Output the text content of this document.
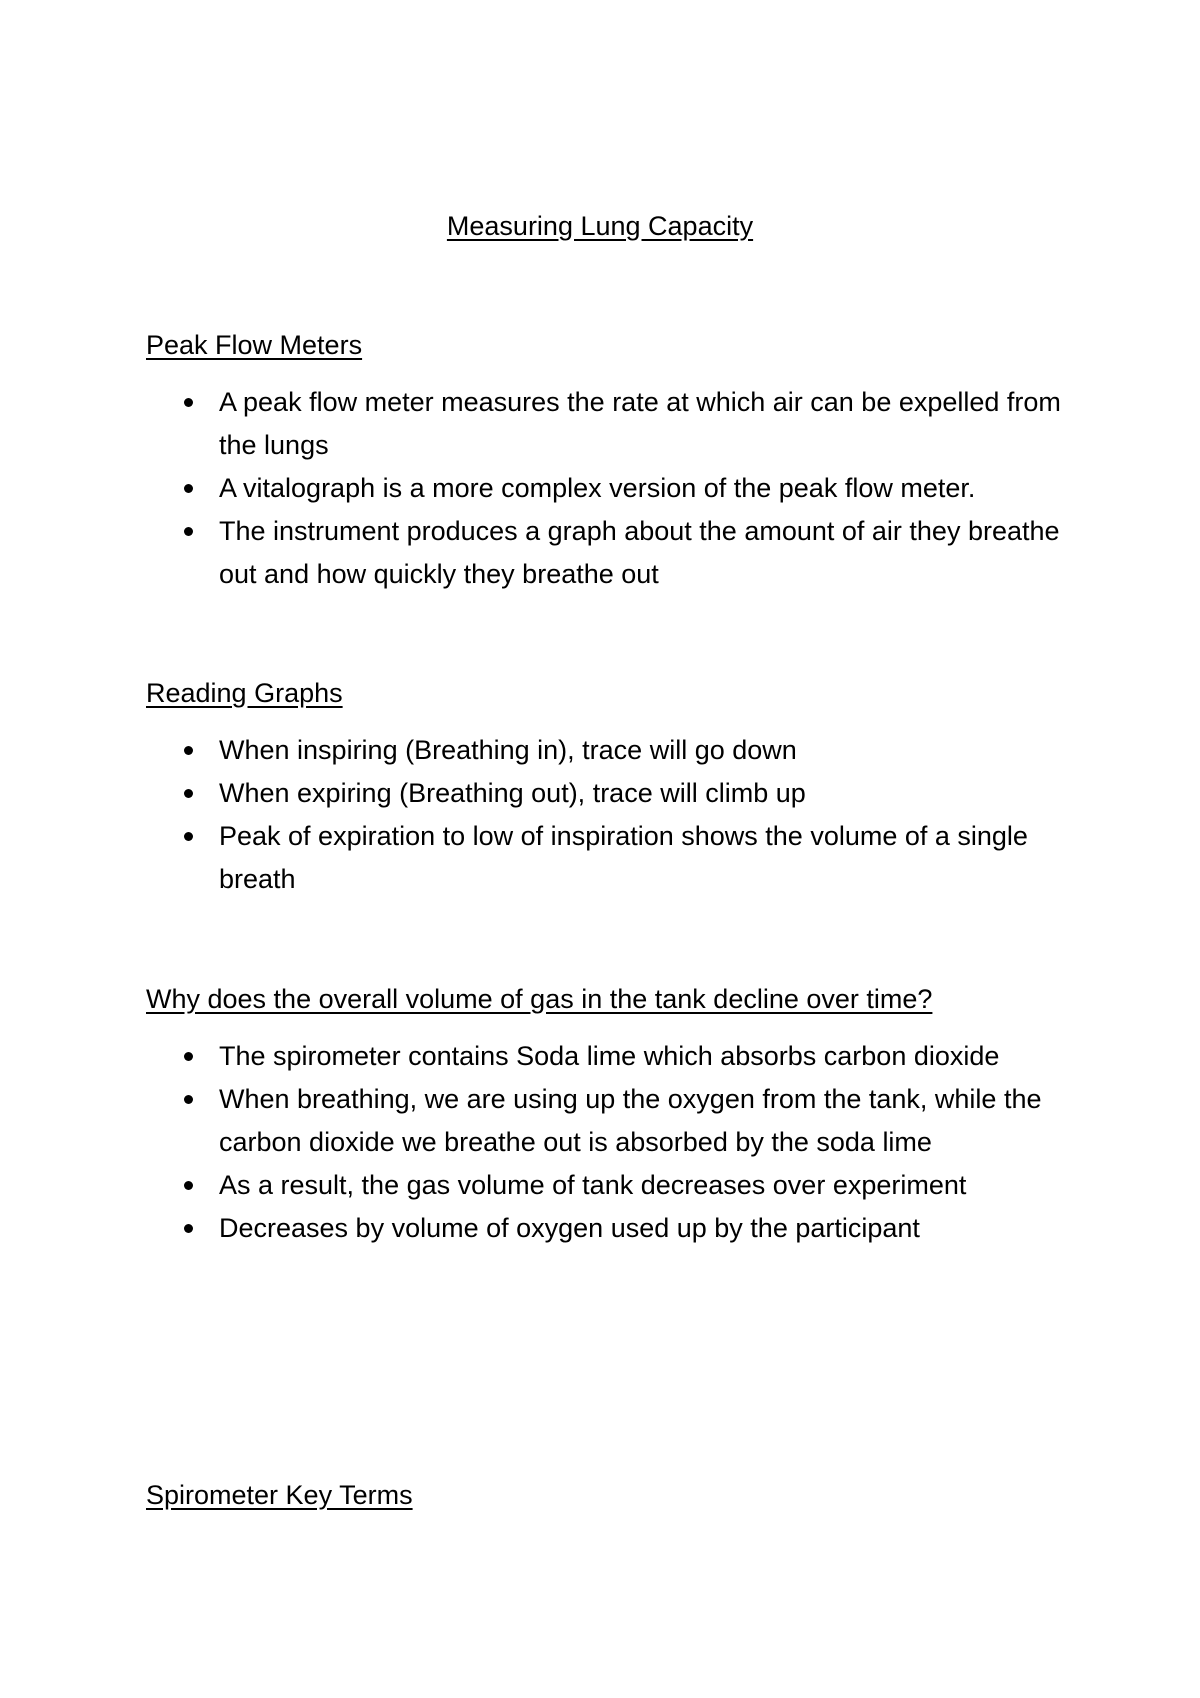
Measuring Lung Capacity
Peak Flow Meters
A peak flow meter measures the rate at which air can be expelled from the lungs
A vitalograph is a more complex version of the peak flow meter.
The instrument produces a graph about the amount of air they breathe out and how quickly they breathe out
Reading Graphs
When inspiring (Breathing in), trace will go down
When expiring (Breathing out), trace will climb up
Peak of expiration to low of inspiration shows the volume of a single breath
Why does the overall volume of gas in the tank decline over time?
The spirometer contains Soda lime which absorbs carbon dioxide
When breathing, we are using up the oxygen from the tank, while the carbon dioxide we breathe out is absorbed by the soda lime
As a result, the gas volume of tank decreases over experiment
Decreases by volume of oxygen used up by the participant
Spirometer Key Terms
